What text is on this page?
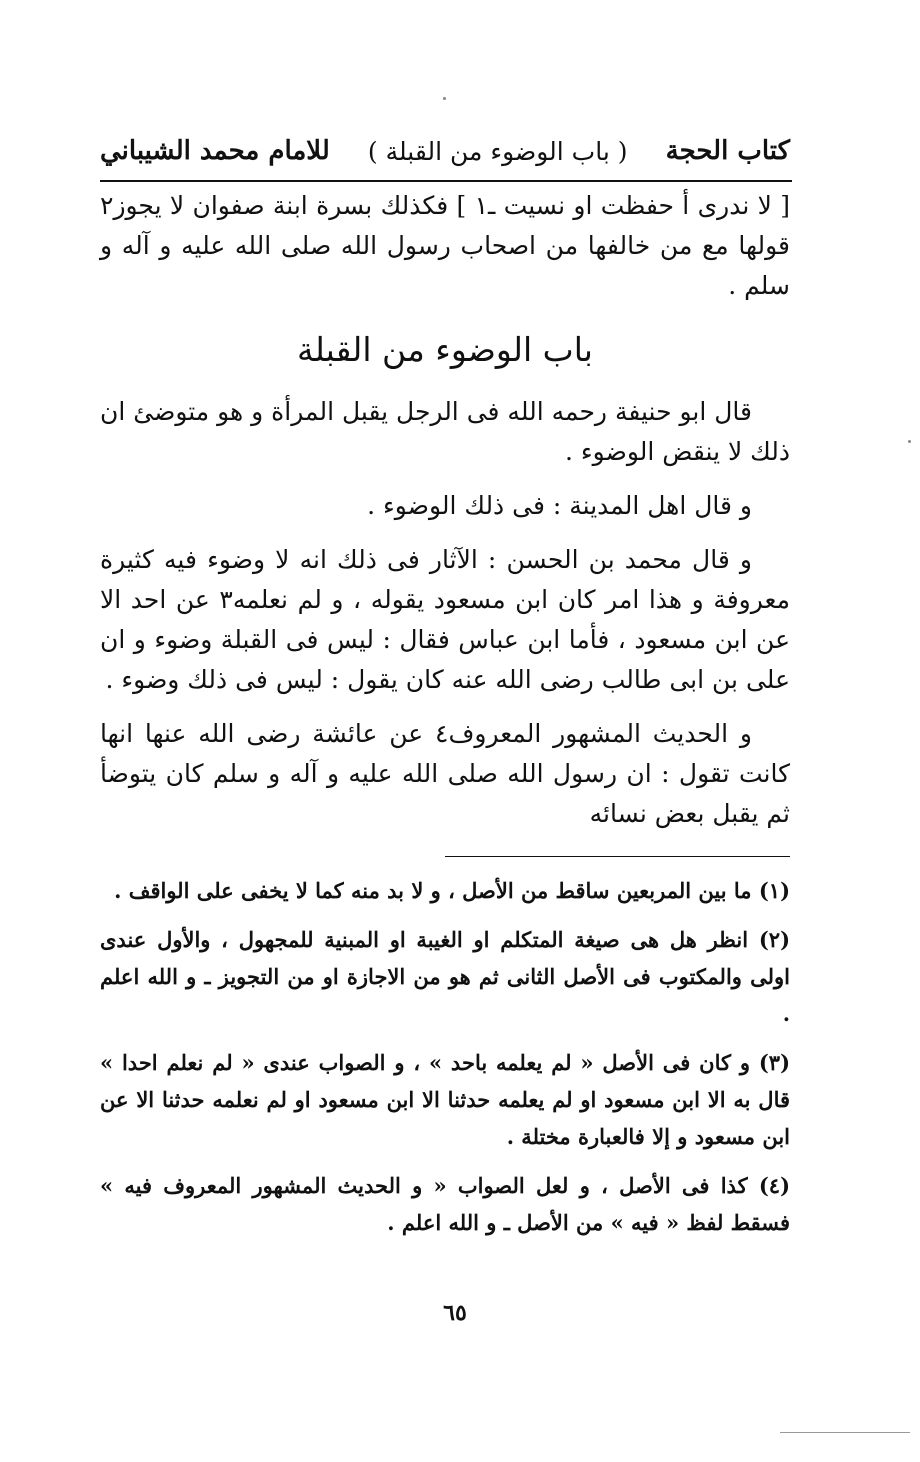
كتاب الحجة
( باب الوضوء من القبلة )
للامام محمد الشيباني

[ لا ندرى أ حفظت او نسيت ـ١ ] فكذلك بسرة ابنة صفوان لا يجوز٢ قولها مع من خالفها من اصحاب رسول الله صلى الله عليه و آله و سلم .

باب الوضوء من القبلة

قال ابو حنيفة رحمه الله فى الرجل يقبل المرأة و هو متوضئ ان ذلك لا ينقض الوضوء .

و قال اهل المدينة : فى ذلك الوضوء .

و قال محمد بن الحسن : الآثار فى ذلك انه لا وضوء فيه كثيرة معروفة و هذا امر كان ابن مسعود يقوله ، و لم نعلمه٣ عن احد الا عن ابن مسعود ، فأما ابن عباس فقال : ليس فى القبلة وضوء و ان على بن ابى طالب رضى الله عنه كان يقول : ليس فى ذلك وضوء .

و الحديث المشهور المعروف٤ عن عائشة رضى الله عنها انها كانت تقول : ان رسول الله صلى الله عليه و آله و سلم كان يتوضأ ثم يقبل بعض نسائه

(١) ما بين المربعين ساقط من الأصل ، و لا بد منه كما لا يخفى على الواقف .

(٢) انظر هل هى صيغة المتكلم او الغيبة او المبنية للمجهول ، والأول عندى اولى والمكتوب فى الأصل الثانى ثم هو من الاجازة او من التجويز ـ و الله اعلم .

(٣) و كان فى الأصل « لم يعلمه باحد » ، و الصواب عندى « لم نعلم احدا » قال به الا ابن مسعود او لم يعلمه حدثنا الا ابن مسعود او لم نعلمه حدثنا الا عن ابن مسعود و إلا فالعبارة مختلة .

(٤) كذا فى الأصل ، و لعل الصواب « و الحديث المشهور المعروف فيه » فسقط لفظ « فيه » من الأصل ـ و الله اعلم .

٦٥
